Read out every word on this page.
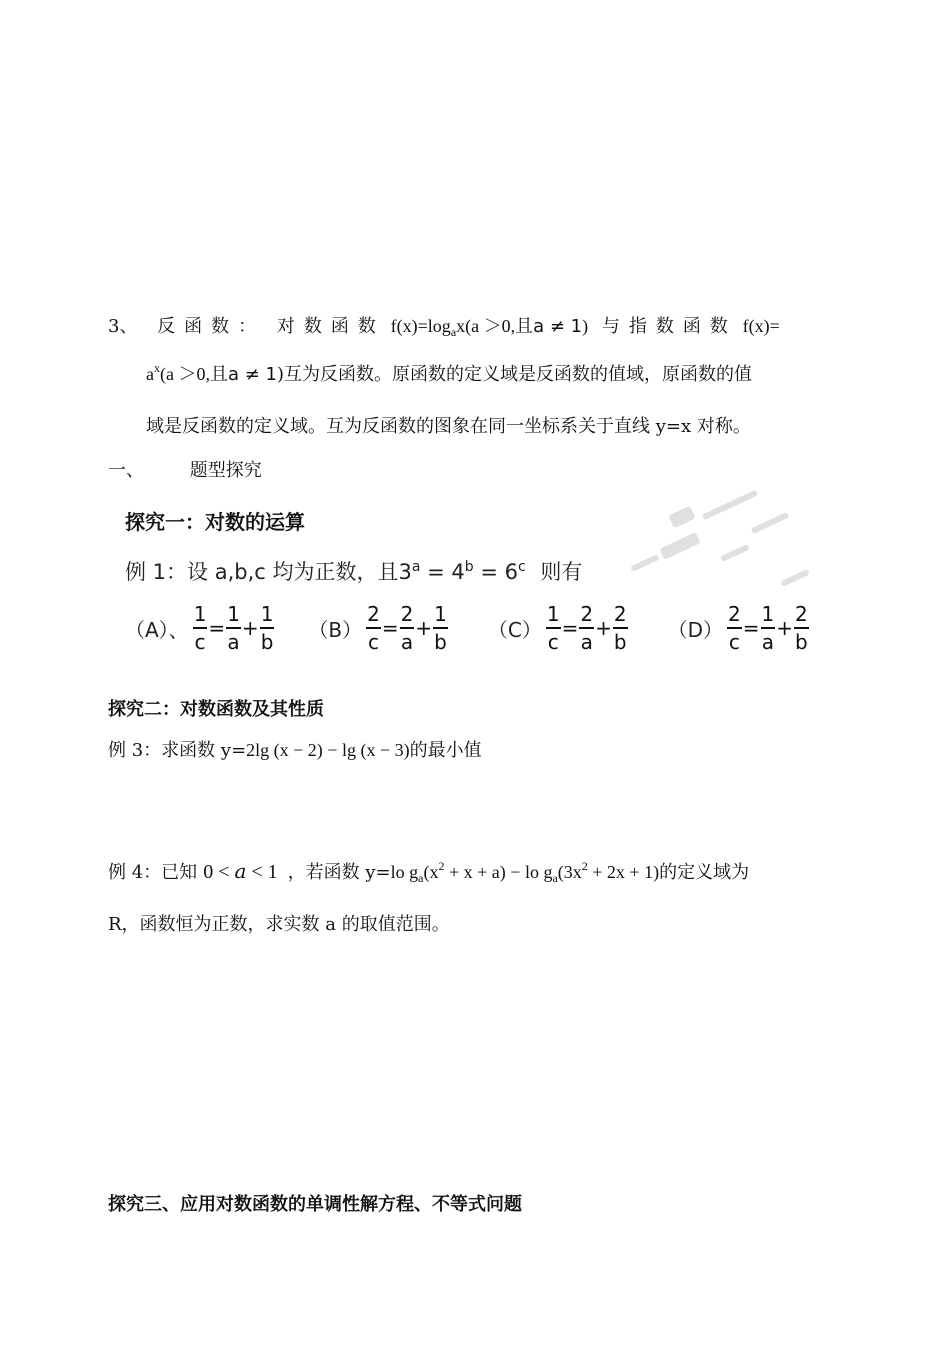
3、 反函数： 对数函数 $f(x)=\log_ax(a >0$,且a ≠ 1) 与指数函数 f(x)=
$a^x(a >0$,且a ≠ 1)互为反函数。原函数的定义域是反函数的值域，原函数的值
域是反函数的定义域。互为反函数的图象在同一坐标系关于直线 y=x 对称。
一、	题型探究
探究一：对数的运算
例 1：设 a,b,c 均为正数，且$3^a = 4^b = 6^c$ 则有
（A）、 $\frac{1}{c} = \frac{1}{a} + \frac{1}{b} (B) \frac{2}{c} = \frac{2}{a} + \frac{1}{b} (C) \frac{1}{c} = \frac{2}{a} + \frac{2}{b} (D) \frac{2}{c} = \frac{1}{a} + \frac{2}{b}$
探究二：对数函数及其性质
例 3：求函数 y=2lg (x − 2) − lg (x − 3)的最小值
例 4：已知 0 < 𝑎 < 1 ，若函数 y=lo $g_a(x^2 + x + a)$ − lo $g_a(3x^2 + 2x + 1)$的定义域为
R，函数恒为正数，求实数 a 的取值范围。
探究三、应用对数函数的单调性解方程、不等式问题
